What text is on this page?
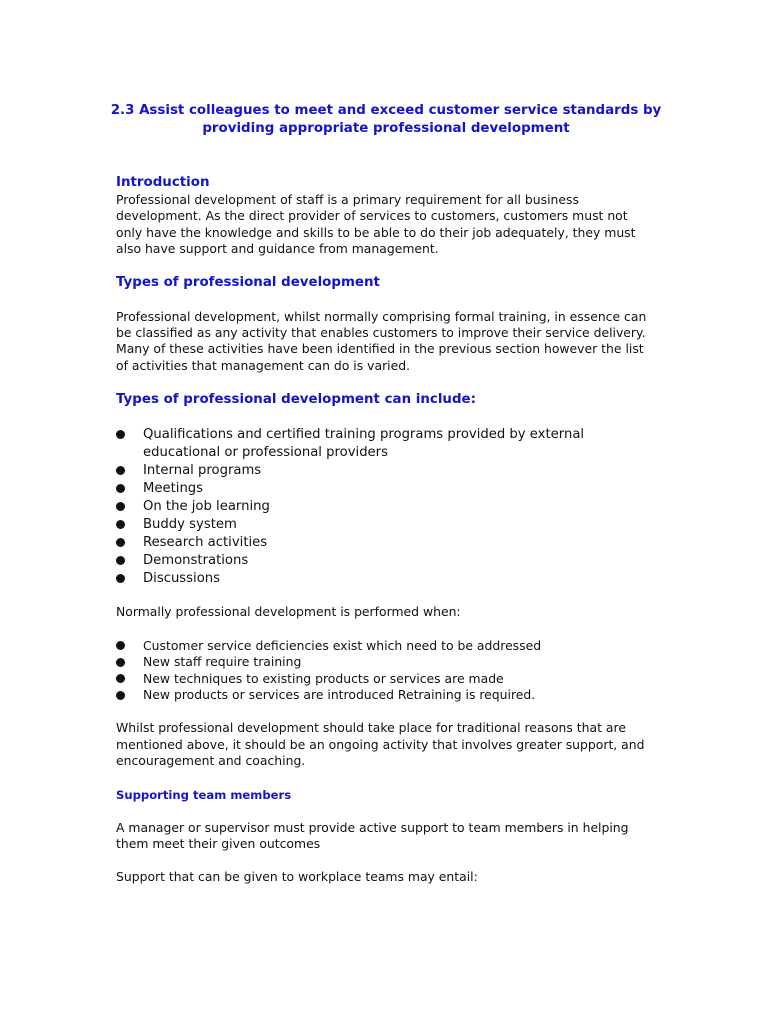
2.3 Assist colleagues to meet and exceed customer service standards by providing appropriate professional development
Introduction

Professional development of staff is a primary requirement for all business development. As the direct provider of services to customers, customers must not only have the knowledge and skills to be able to do their job adequately, they must also have support and guidance from management.

Types of professional development

Professional development, whilst normally comprising formal training, in essence can be classified as any activity that enables customers to improve their service delivery. Many of these activities have been identified in the previous section however the list of activities that management can do is varied.

Types of professional development can include:
Qualifications and certified training programs provided by external educational or professional providers
Internal programs
Meetings
On the job learning
Buddy system
Research activities
Demonstrations
Discussions

Normally professional development is performed when:

Customer service deficiencies exist which need to be addressed
New staff require training
New techniques to existing products or services are made
New products or services are introduced Retraining is required.

Whilst professional development should take place for traditional reasons that are mentioned above, it should be an ongoing activity that involves greater support, and encouragement and coaching.

Supporting team members

A manager or supervisor must provide active support to team members in helping them meet their given outcomes

Support that can be given to workplace teams may entail:
